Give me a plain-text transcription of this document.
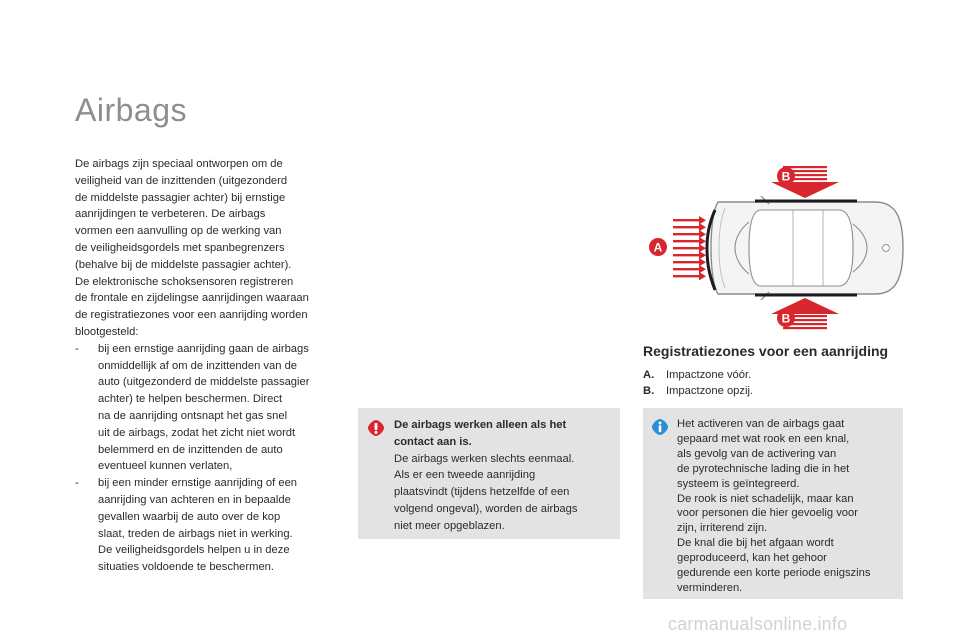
Airbags
De airbags zijn speciaal ontworpen om de
veiligheid van de inzittenden (uitgezonderd
de middelste passagier achter) bij ernstige
aanrijdingen te verbeteren. De airbags
vormen een aanvulling op de werking van
de veiligheidsgordels met spanbegrenzers
(behalve bij de middelste passagier achter).
De elektronische schoksensoren registreren
de frontale en zijdelingse aanrijdingen waaraan
de registratiezones voor een aanrijding worden
blootgesteld:
-	bij een ernstige aanrijding gaan de airbags
onmiddellijk af om de inzittenden van de
auto (uitgezonderd de middelste passagier
achter) te helpen beschermen. Direct
na de aanrijding ontsnapt het gas snel
uit de airbags, zodat het zicht niet wordt
belemmerd en de inzittenden de auto
eventueel kunnen verlaten,
-	bij een minder ernstige aanrijding of een
aanrijding van achteren en in bepaalde
gevallen waarbij de auto over de kop
slaat, treden de airbags niet in werking.
De veiligheidsgordels helpen u in deze
situaties voldoende te beschermen.
De airbags werken alleen als het
contact aan is.
De airbags werken slechts eenmaal.
Als er een tweede aanrijding
plaatsvindt (tijdens hetzelfde of een
volgend ongeval), worden de airbags
niet meer opgeblazen.
A
B
B
Registratiezones voor een aanrijding
A.	Impactzone vóór.
B.	Impactzone opzij.
Het activeren van de airbags gaat
gepaard met wat rook en een knal,
als gevolg van de activering van
de pyrotechnische lading die in het
systeem is geïntegreerd.
De rook is niet schadelijk, maar kan
voor personen die hier gevoelig voor
zijn, irriterend zijn.
De knal die bij het afgaan wordt
geproduceerd, kan het gehoor
gedurende een korte periode enigszins
verminderen.
carmanualsonline.info
